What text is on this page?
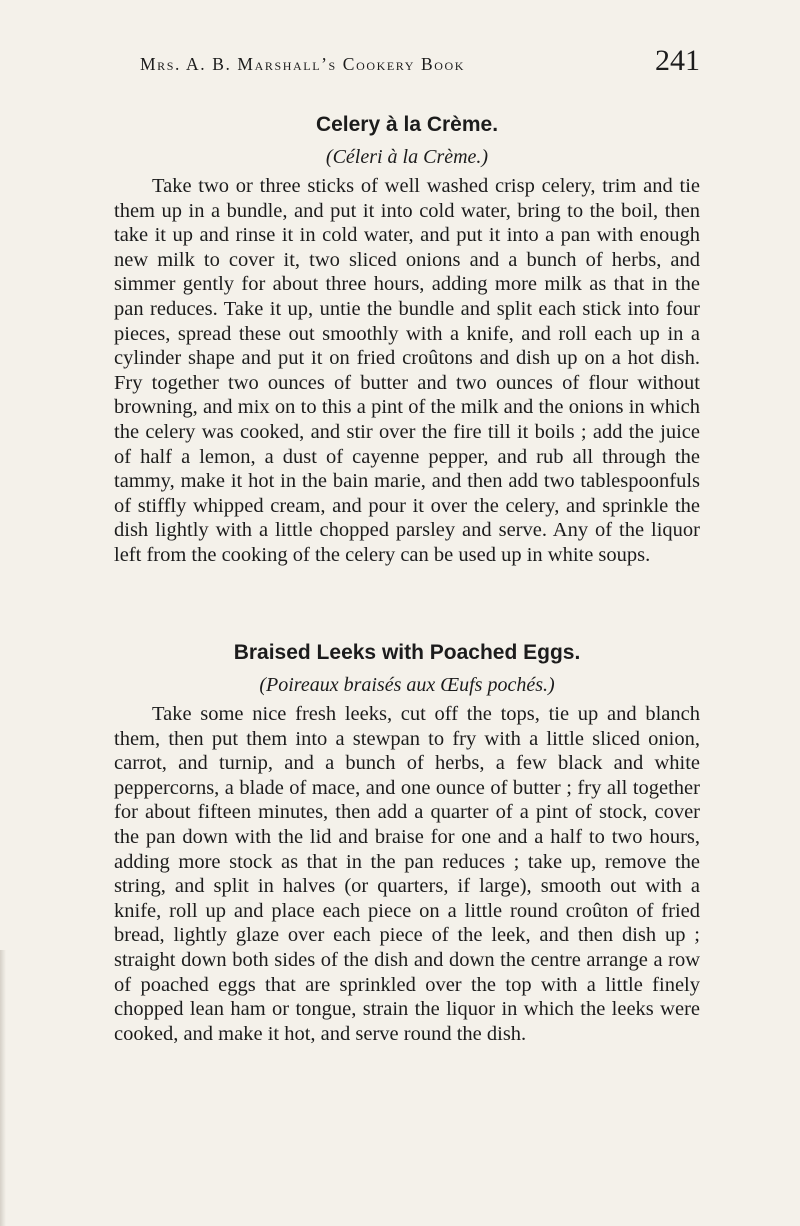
Mrs. A. B. Marshall’s Cookery Book	241
Celery à la Crème.

(Céleri à la Crème.)

Take two or three sticks of well washed crisp celery, trim and tie them up in a bundle, and put it into cold water, bring to the boil, then take it up and rinse it in cold water, and put it into a pan with enough new milk to cover it, two sliced onions and a bunch of herbs, and simmer gently for about three hours, adding more milk as that in the pan reduces. Take it up, untie the bundle and split each stick into four pieces, spread these out smoothly with a knife, and roll each up in a cylinder shape and put it on fried croûtons and dish up on a hot dish. Fry together two ounces of butter and two ounces of flour without browning, and mix on to this a pint of the milk and the onions in which the celery was cooked, and stir over the fire till it boils ; add the juice of half a lemon, a dust of cayenne pepper, and rub all through the tammy, make it hot in the bain marie, and then add two tablespoonfuls of stiffly whipped cream, and pour it over the celery, and sprinkle the dish lightly with a little chopped parsley and serve. Any of the liquor left from the cooking of the celery can be used up in white soups.

Braised Leeks with Poached Eggs.

(Poireaux braisés aux Œufs pochés.)

Take some nice fresh leeks, cut off the tops, tie up and blanch them, then put them into a stewpan to fry with a little sliced onion, carrot, and turnip, and a bunch of herbs, a few black and white peppercorns, a blade of mace, and one ounce of butter ; fry all together for about fifteen minutes, then add a quarter of a pint of stock, cover the pan down with the lid and braise for one and a half to two hours, adding more stock as that in the pan reduces ; take up, remove the string, and split in halves (or quarters, if large), smooth out with a knife, roll up and place each piece on a little round croûton of fried bread, lightly glaze over each piece of the leek, and then dish up ; straight down both sides of the dish and down the centre arrange a row of poached eggs that are sprinkled over the top with a little finely chopped lean ham or tongue, strain the liquor in which the leeks were cooked, and make it hot, and serve round the dish.
